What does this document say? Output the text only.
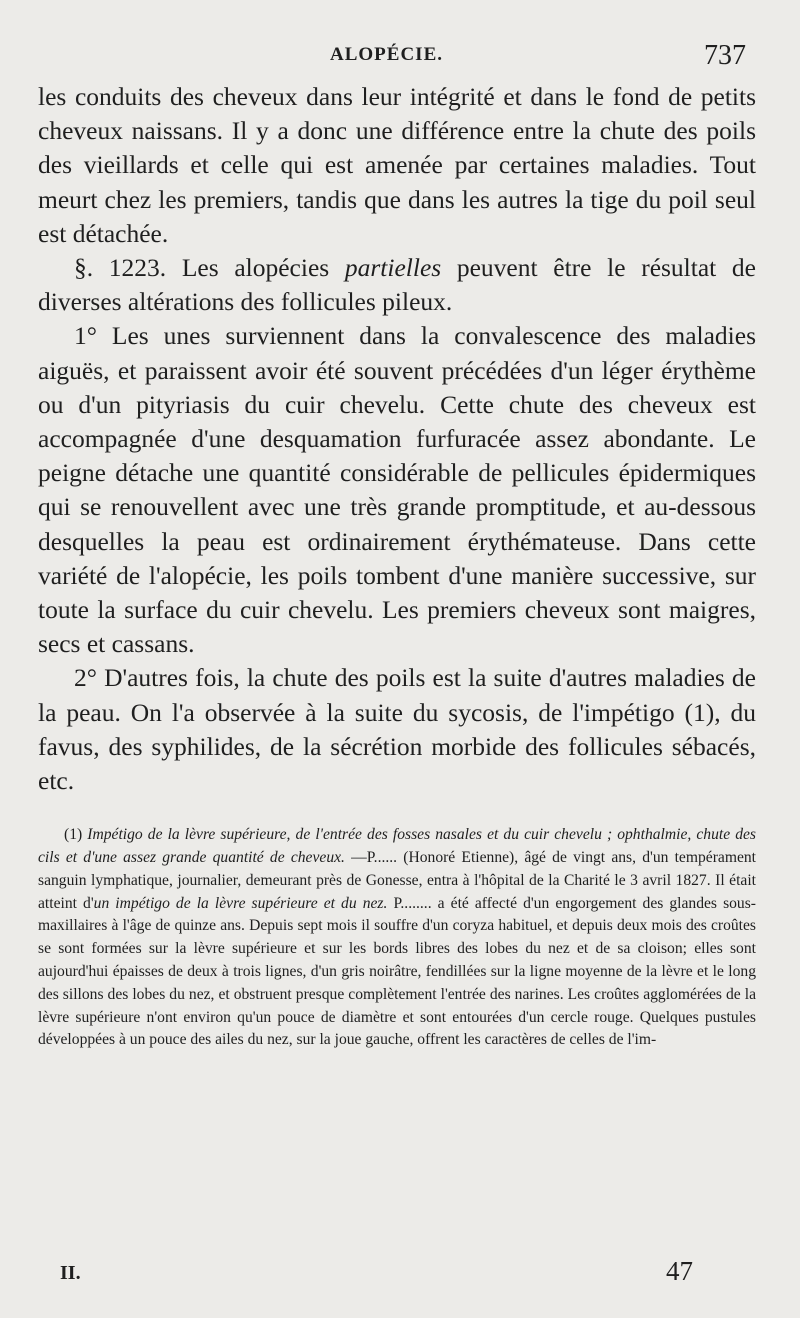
ALOPÉCIE.	737

les conduits des cheveux dans leur intégrité et dans le fond de petits cheveux naissans. Il y a donc une différence entre la chute des poils des vieillards et celle qui est amenée par certaines maladies. Tout meurt chez les premiers, tandis que dans les autres la tige du poil seul est détachée.

§. 1223. Les alopécies partielles peuvent être le résultat de diverses altérations des follicules pileux.

1° Les unes surviennent dans la convalescence des maladies aiguës, et paraissent avoir été souvent précédées d'un léger érythème ou d'un pityriasis du cuir chevelu. Cette chute des cheveux est accompagnée d'une desquamation furfuracée assez abondante. Le peigne détache une quantité considérable de pellicules épidermiques qui se renouvellent avec une très grande promptitude, et au-dessous desquelles la peau est ordinairement érythémateuse. Dans cette variété de l'alopécie, les poils tombent d'une manière successive, sur toute la surface du cuir chevelu. Les premiers cheveux sont maigres, secs et cassans.

2° D'autres fois, la chute des poils est la suite d'autres maladies de la peau. On l'a observée à la suite du sycosis, de l'impétigo (1), du favus, des syphilides, de la sécrétion morbide des follicules sébacés, etc.

(1) Impétigo de la lèvre supérieure, de l'entrée des fosses nasales et du cuir chevelu ; ophthalmie, chute des cils et d'une assez grande quantité de cheveux. —P...... (Honoré Etienne), âgé de vingt ans, d'un tempérament sanguin lymphatique, journalier, demeurant près de Gonesse, entra à l'hôpital de la Charité le 3 avril 1827. Il était atteint d'un impétigo de la lèvre supérieure et du nez. P........ a été affecté d'un engorgement des glandes sous-maxillaires à l'âge de quinze ans. Depuis sept mois il souffre d'un coryza habituel, et depuis deux mois des croûtes se sont formées sur la lèvre supérieure et sur les bords libres des lobes du nez et de sa cloison; elles sont aujourd'hui épaisses de deux à trois lignes, d'un gris noirâtre, fendillées sur la ligne moyenne de la lèvre et le long des sillons des lobes du nez, et obstruent presque complètement l'entrée des narines. Les croûtes agglomérées de la lèvre supérieure n'ont environ qu'un pouce de diamètre et sont entourées d'un cercle rouge. Quelques pustules développées à un pouce des ailes du nez, sur la joue gauche, offrent les caractères de celles de l'im-

II.	47
